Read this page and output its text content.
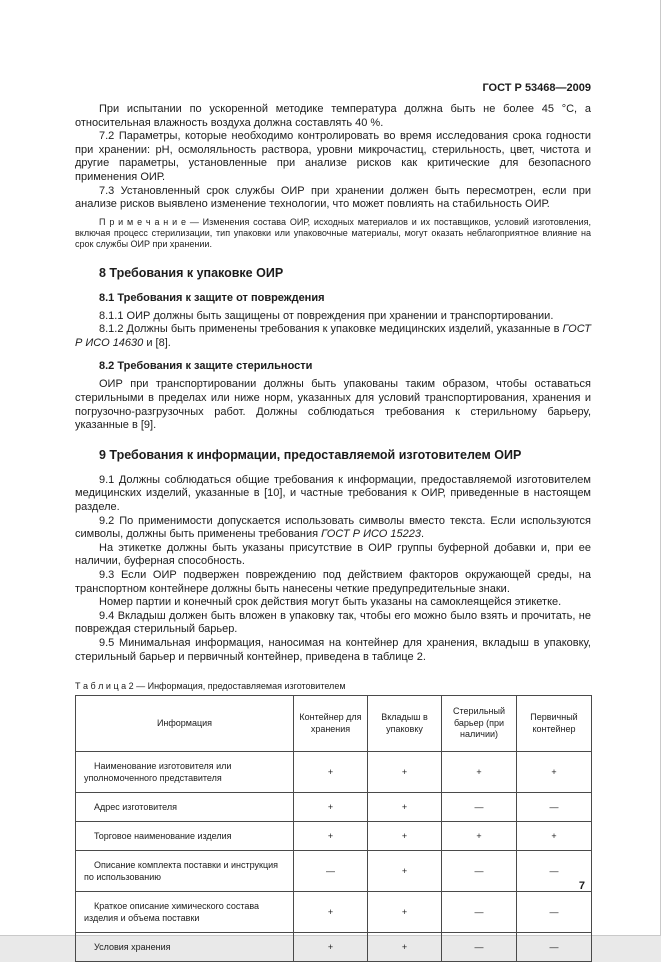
ГОСТ Р 53468—2009

При испытании по ускоренной методике температура должна быть не более 45 °С, а относительная влажность воздуха должна составлять 40 %.

7.2 Параметры, которые необходимо контролировать во время исследования срока годности при хранении: pH, осмоляльность раствора, уровни микрочастиц, стерильность, цвет, чистота и другие параметры, установленные при анализе рисков как критические для безопасного применения ОИР.

7.3 Установленный срок службы ОИР при хранении должен быть пересмотрен, если при анализе рисков выявлено изменение технологии, что может повлиять на стабильность ОИР.

П р и м е ч а н и е — Изменения состава ОИР, исходных материалов и их поставщиков, условий изготовления, включая процесс стерилизации, тип упаковки или упаковочные материалы, могут оказать неблагоприятное влияние на срок службы ОИР при хранении.

8 Требования к упаковке ОИР
8.1 Требования к защите от повреждения

8.1.1 ОИР должны быть защищены от повреждения при хранении и транспортировании.

8.1.2 Должны быть применены требования к упаковке медицинских изделий, указанные в ГОСТ Р ИСО 14630 и [8].

8.2 Требования к защите стерильности

ОИР при транспортировании должны быть упакованы таким образом, чтобы оставаться стерильными в пределах или ниже норм, указанных для условий транспортирования, хранения и погрузочно-разгрузочных работ. Должны соблюдаться требования к стерильному барьеру, указанные в [9].

9 Требования к информации, предоставляемой изготовителем ОИР

9.1 Должны соблюдаться общие требования к информации, предоставляемой изготовителем медицинских изделий, указанные в [10], и частные требования к ОИР, приведенные в настоящем разделе.

9.2 По применимости допускается использовать символы вместо текста. Если используются символы, должны быть применены требования ГОСТ Р ИСО 15223.

На этикетке должны быть указаны присутствие в ОИР группы буферной добавки и, при ее наличии, буферная способность.

9.3 Если ОИР подвержен повреждению под действием факторов окружающей среды, на транспортном контейнере должны быть нанесены четкие предупредительные знаки.

Номер партии и конечный срок действия могут быть указаны на самоклеящейся этикетке.

9.4 Вкладыш должен быть вложен в упаковку так, чтобы его можно было взять и прочитать, не повреждая стерильный барьер.

9.5 Минимальная информация, наносимая на контейнер для хранения, вкладыш в упаковку, стерильный барьер и первичный контейнер, приведена в таблице 2.

Т а б л и ц а 2 — Информация, предоставляемая изготовителем
Информация	Контейнер для хранения	Вкладыш в упаковку	Стерильный барьер (при наличии)	Первичный контейнер
Наименование изготовителя или уполномоченного представителя	+	+	+	+
Адрес изготовителя	+	+	—	—
Торговое наименование изделия	+	+	+	+
Описание комплекта поставки и инструкция по использованию	—	+	—	—
Краткое описание химического состава изделия и объема поставки	+	+	—	—
Условия хранения	+	+	—	—
7
